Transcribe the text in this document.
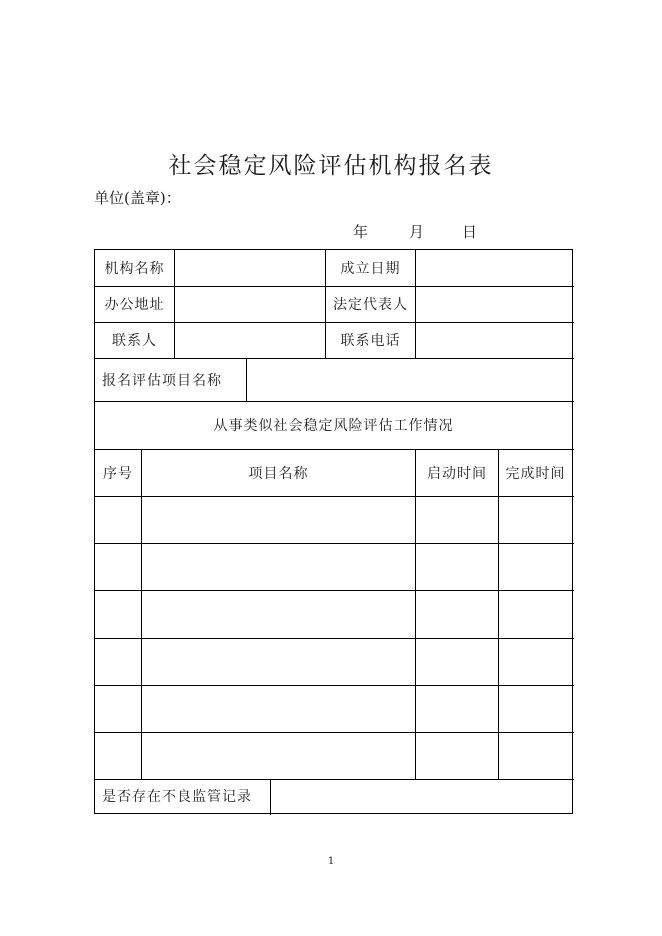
社会稳定风险评估机构报名表
单位(盖章)：
年	月	日
机构名称	成立日期
办公地址	法定代表人
联系人	联系电话
报名评估项目名称
从事类似社会稳定风险评估工作情况
序号	项目名称	启动时间	完成时间
是否存在不良监管记录
1
